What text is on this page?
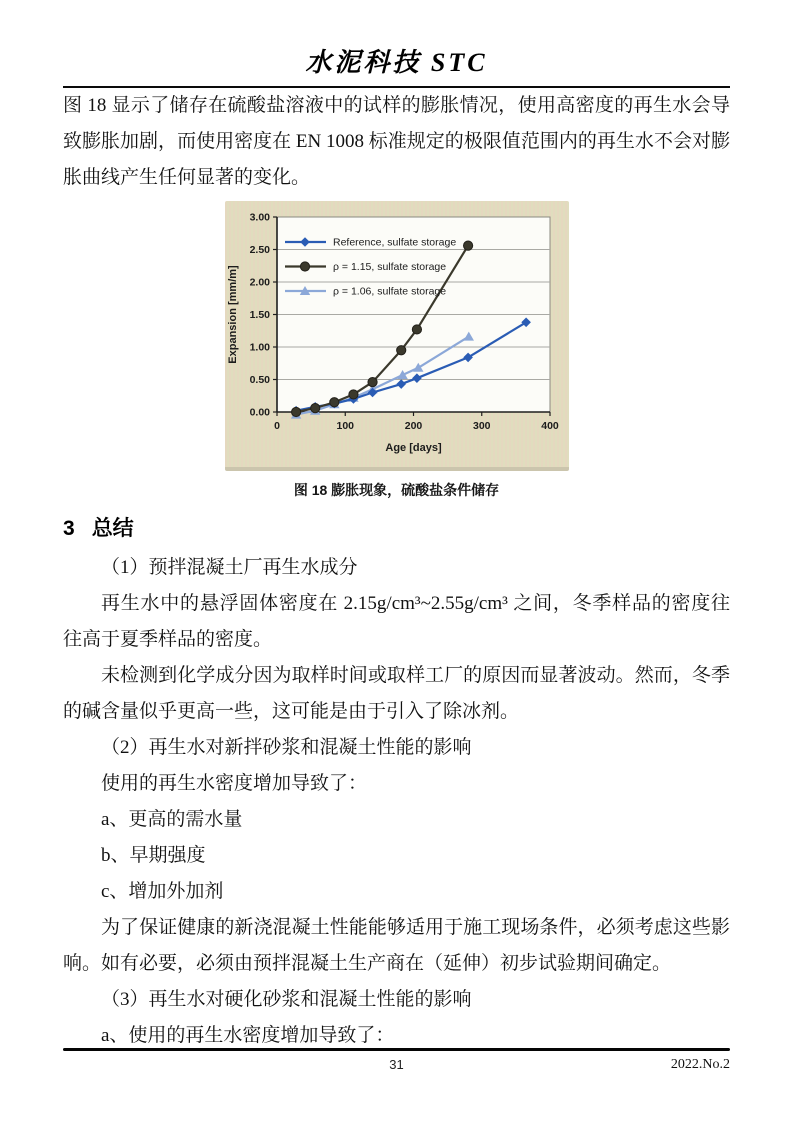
水泥科技 STC

图 18 显示了储存在硫酸盐溶液中的试样的膨胀情况，使用高密度的再生水会导致膨胀加剧，而使用密度在 EN 1008 标准规定的极限值范围内的再生水不会对膨胀曲线产生任何显著的变化。

0.00
0.50
1.00
1.50
2.00
2.50
3.00
0	100	200	300	400
Age [days]
Expansion [mm/m]
Reference, sulfate storage
ρ = 1.15, sulfate storage
ρ = 1.06, sulfate storage
图 18 膨胀现象，硫酸盐条件储存
3 总结

（1）预拌混凝土厂再生水成分

再生水中的悬浮固体密度在 2.15g/cm³~2.55g/cm³ 之间，冬季样品的密度往往高于夏季样品的密度。

未检测到化学成分因为取样时间或取样工厂的原因而显著波动。然而，冬季的碱含量似乎更高一些，这可能是由于引入了除冰剂。

（2）再生水对新拌砂浆和混凝土性能的影响

使用的再生水密度增加导致了：

a、更高的需水量

b、早期强度

c、增加外加剂

为了保证健康的新浇混凝土性能能够适用于施工现场条件，必须考虑这些影响。如有必要，必须由预拌混凝土生产商在（延伸）初步试验期间确定。

（3）再生水对硬化砂浆和混凝土性能的影响

a、使用的再生水密度增加导致了：

31	2022.No.2
